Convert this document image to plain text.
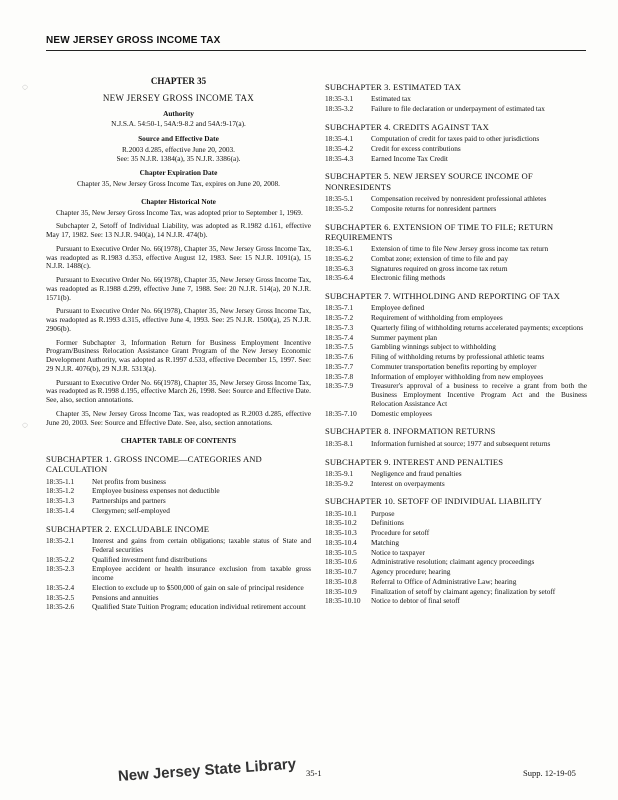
NEW JERSEY GROSS INCOME TAX
◌
◌
CHAPTER 35
NEW JERSEY GROSS INCOME TAX
Authority
N.J.S.A. 54:50-1, 54A:9-8.2 and 54A:9-17(a).
Source and Effective Date
R.2003 d.285, effective June 20, 2003.
See: 35 N.J.R. 1384(a), 35 N.J.R. 3386(a).
Chapter Expiration Date
Chapter 35, New Jersey Gross Income Tax, expires on June 20, 2008.
Chapter Historical Note
Chapter 35, New Jersey Gross Income Tax, was adopted prior to September 1, 1969.
Subchapter 2, Setoff of Individual Liability, was adopted as R.1982 d.161, effective May 17, 1982. See: 13 N.J.R. 940(a), 14 N.J.R. 474(b).
Pursuant to Executive Order No. 66(1978), Chapter 35, New Jersey Gross Income Tax, was readopted as R.1983 d.353, effective August 12, 1983. See: 15 N.J.R. 1091(a), 15 N.J.R. 1488(c).
Pursuant to Executive Order No. 66(1978), Chapter 35, New Jersey Gross Income Tax, was readopted as R.1988 d.299, effective June 7, 1988. See: 20 N.J.R. 514(a), 20 N.J.R. 1571(b).
Pursuant to Executive Order No. 66(1978), Chapter 35, New Jersey Gross Income Tax, was readopted as R.1993 d.315, effective June 4, 1993. See: 25 N.J.R. 1500(a), 25 N.J.R. 2906(b).
Former Subchapter 3, Information Return for Business Employment Incentive Program/Business Relocation Assistance Grant Program of the New Jersey Economic Development Authority, was adopted as R.1997 d.533, effective December 15, 1997. See: 29 N.J.R. 4076(b), 29 N.J.R. 5313(a).
Pursuant to Executive Order No. 66(1978), Chapter 35, New Jersey Gross Income Tax, was readopted as R.1998 d.195, effective March 26, 1998. See: Source and Effective Date. See, also, section annotations.
Chapter 35, New Jersey Gross Income Tax, was readopted as R.2003 d.285, effective June 20, 2003. See: Source and Effective Date. See, also, section annotations.
CHAPTER TABLE OF CONTENTS
SUBCHAPTER 1. GROSS INCOME—CATEGORIES AND CALCULATION
18:35-1.1	Net profits from business
18:35-1.2	Employee business expenses not deductible
18:35-1.3	Partnerships and partners
18:35-1.4	Clergymen; self-employed
SUBCHAPTER 2. EXCLUDABLE INCOME
18:35-2.1	Interest and gains from certain obligations; taxable status of State and Federal securities
18:35-2.2	Qualified investment fund distributions
18:35-2.3	Employee accident or health insurance exclusion from taxable gross income
18:35-2.4	Election to exclude up to $500,000 of gain on sale of principal residence
18:35-2.5	Pensions and annuities
18:35-2.6	Qualified State Tuition Program; education individual retirement account
SUBCHAPTER 3. ESTIMATED TAX
18:35-3.1	Estimated tax
18:35-3.2	Failure to file declaration or underpayment of estimated tax
SUBCHAPTER 4. CREDITS AGAINST TAX
18:35-4.1	Computation of credit for taxes paid to other jurisdictions
18:35-4.2	Credit for excess contributions
18:35-4.3	Earned Income Tax Credit
SUBCHAPTER 5. NEW JERSEY SOURCE INCOME OF NONRESIDENTS
18:35-5.1	Compensation received by nonresident professional athletes
18:35-5.2	Composite returns for nonresident partners
SUBCHAPTER 6. EXTENSION OF TIME TO FILE; RETURN REQUIREMENTS
18:35-6.1	Extension of time to file New Jersey gross income tax return
18:35-6.2	Combat zone; extension of time to file and pay
18:35-6.3	Signatures required on gross income tax return
18:35-6.4	Electronic filing methods
SUBCHAPTER 7. WITHHOLDING AND REPORTING OF TAX
18:35-7.1	Employee defined
18:35-7.2	Requirement of withholding from employees
18:35-7.3	Quarterly filing of withholding returns accelerated payments; exceptions
18:35-7.4	Summer payment plan
18:35-7.5	Gambling winnings subject to withholding
18:35-7.6	Filing of withholding returns by professional athletic teams
18:35-7.7	Commuter transportation benefits reporting by employer
18:35-7.8	Information of employer withholding from new employees
18:35-7.9	Treasurer's approval of a business to receive a grant from both the Business Employment Incentive Program Act and the Business Relocation Assistance Act
18:35-7.10	Domestic employees
SUBCHAPTER 8. INFORMATION RETURNS
18:35-8.1	Information furnished at source; 1977 and subsequent returns
SUBCHAPTER 9. INTEREST AND PENALTIES
18:35-9.1	Negligence and fraud penalties
18:35-9.2	Interest on overpayments
SUBCHAPTER 10. SETOFF OF INDIVIDUAL LIABILITY
18:35-10.1	Purpose
18:35-10.2	Definitions
18:35-10.3	Procedure for setoff
18:35-10.4	Matching
18:35-10.5	Notice to taxpayer
18:35-10.6	Administrative resolution; claimant agency proceedings
18:35-10.7	Agency procedure; hearing
18:35-10.8	Referral to Office of Administrative Law; hearing
18:35-10.9	Finalization of setoff by claimant agency; finalization by setoff
18:35-10.10	Notice to debtor of final setoff
New Jersey State Library 35-1	Supp. 12-19-05
